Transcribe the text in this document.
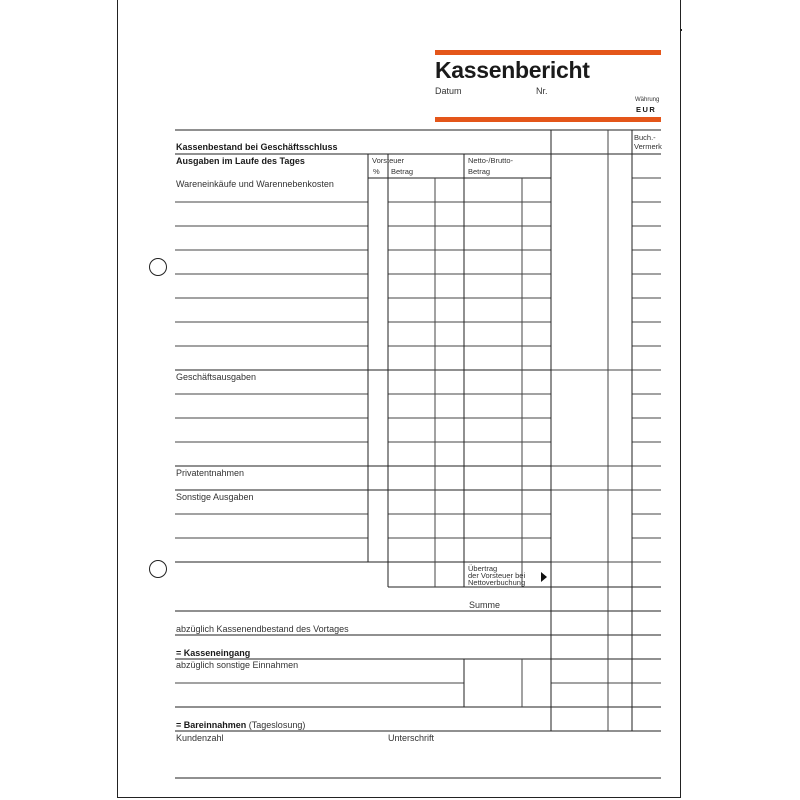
Kassenbericht
Datum	Nr.
Währung
EUR
Vorsteuer
% Betrag
Netto-/Brutto-
Betrag
Buch.-
Vermerk
Kassenbestand bei Geschäftsschluss
Ausgaben im Laufe des Tages
Wareneinkäufe und Warennebenkosten
Geschäftsausgaben
Privatentnahmen
Sonstige Ausgaben
Übertrag
der Vorsteuer bei
Nettoverbuchung
Summe
abzüglich Kassenendbestand des Vortages
= Kasseneingang
abzüglich sonstige Einnahmen
= Bareinnahmen (Tageslosung)
Kundenzahl	Unterschrift
